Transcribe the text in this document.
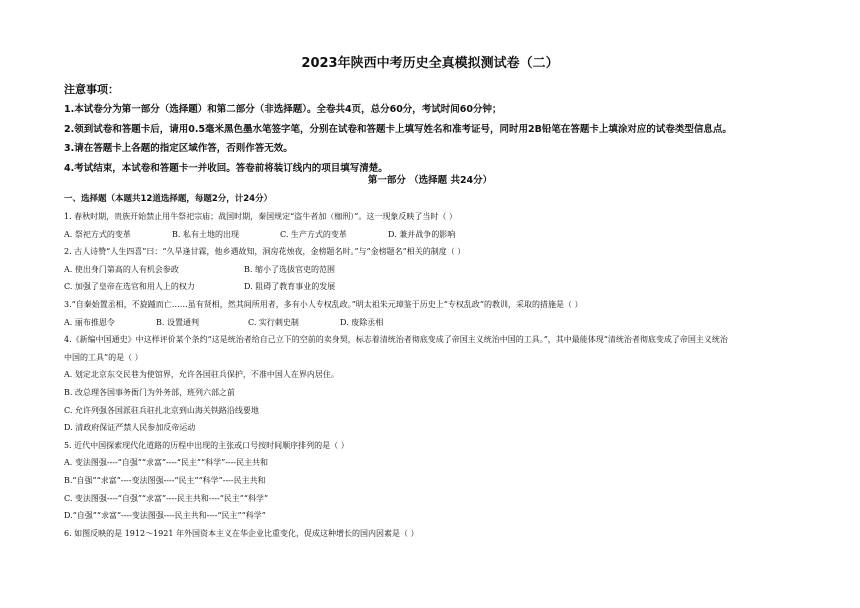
2023年陕西中考历史全真模拟测试卷（二）
注意事项：
1.本试卷分为第一部分（选择题）和第二部分（非选择题）。全卷共4页，总分60分，考试时间60分钟；
2.领到试卷和答题卡后，请用0.5毫米黑色墨水笔签字笔，分别在试卷和答题卡上填写姓名和准考证号，同时用2B铅笔在答题卡上填涂对应的试卷类型信息点。
3.请在答题卡上各题的指定区域作答，否则作答无效。
4.考试结束，本试卷和答题卡一并收回。答卷前将装订线内的项目填写清楚。
第一部分 （选择题 共24分）
一、选择题（本题共12道选择题，每题2分，计24分）
1. 春秋时期，贵族开始禁止用牛祭祀宗庙；战国时期，秦国规定“盗牛者加（枷刑）”。这一现象反映了当时（ ）
A. 祭祀方式的变革	B. 私有土地的出现	C. 生产方式的变革	D. 兼并战争的影响
2. 古人诗赞“人生四喜”曰：“久旱逢甘霖，他乡遇故知，洞房花烛夜，金榜题名时。”与“金榜题名”相关的制度（ ）
A. 使出身门第高的人有机会参政	B. 缩小了选拔官吏的范围
C. 加强了皇帝在选官和用人上的权力	D. 阻碍了教育事业的发展
3.“自秦始置丞相，不旋踵而亡……虽有贤相，然其间所用者，多有小人专权乱政。”明太祖朱元璋鉴于历史上“专权乱政”的教训，采取的措施是（ ）
A. 丽布推恩令	B. 设置通判	C. 实行刺史制	D. 废除丞相
4.《新编中国通史》中这样评价某个条约“这是统治者给自己立下的空前的卖身契，标志着清统治者彻底变成了帝国主义统治中国的工具。”，其中最能体现“清统治者彻底变成了帝国主义统治
中国的工具”的是（ ）
A. 划定北京东交民巷为使馆界，允许各国驻兵保护，不准中国人在界内居住。
B. 改总理各国事务衙门为外务部，班列六部之前
C. 允许列强各国派驻兵驻扎北京到山海关铁路沿线要地
D. 清政府保证严禁人民参加反帝运动
5. 近代中国探索现代化道路的历程中出现的主张或口号按时间顺序排列的是（ ）
A. 变法图强----“自强”“求富”----“民主”“科学”----民主共和
B.“自强”“求富”----变法图强----“民主”“科学”----民主共和
C. 变法图强----“自强”“求富”----民主共和----“民主”“科学”
D.“自强”“求富”----变法图强----民主共和----“民主”“科学”
6. 如图反映的是 1912～1921 年外国资本主义在华企业比重变化，促成这种增长的国内因素是（ ）
